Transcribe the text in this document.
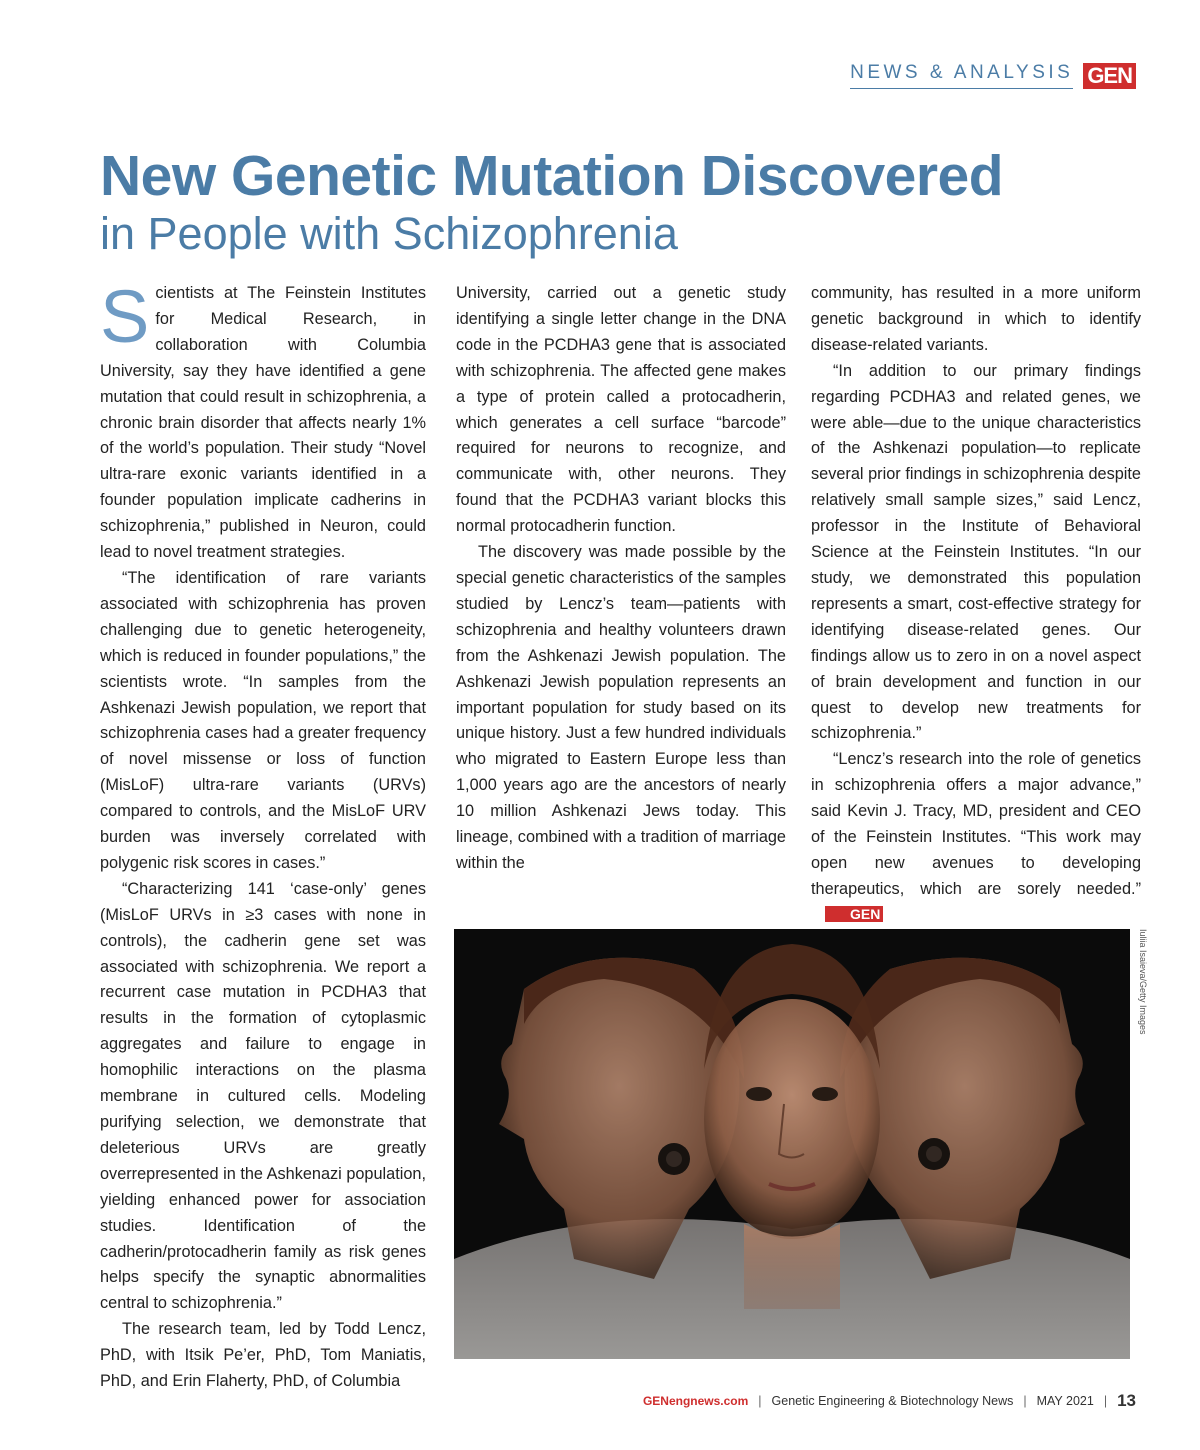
NEWS & ANALYSIS GEN
New Genetic Mutation Discovered
in People with Schizophrenia

Scientists at The Feinstein Institutes for Medical Research, in collaboration with Columbia University, say they have identified a gene mutation that could result in schizophrenia, a chronic brain disorder that affects nearly 1% of the world’s population. Their study “Novel ultra-rare exonic variants identified in a founder population implicate cadherins in schizophrenia,” published in Neuron, could lead to novel treatment strategies.

“The identification of rare variants associated with schizophrenia has proven challenging due to genetic heterogeneity, which is reduced in founder populations,” the scientists wrote. “In samples from the Ashkenazi Jewish population, we report that schizophrenia cases had a greater frequency of novel missense or loss of function (MisLoF) ultra-rare variants (URVs) compared to controls, and the MisLoF URV burden was inversely correlated with polygenic risk scores in cases.”

“Characterizing 141 ‘case-only’ genes (MisLoF URVs in ≥3 cases with none in controls), the cadherin gene set was associated with schizophrenia. We report a recurrent case mutation in PCDHA3 that results in the formation of cytoplasmic aggregates and failure to engage in homophilic interactions on the plasma membrane in cultured cells. Modeling purifying selection, we demonstrate that deleterious URVs are greatly overrepresented in the Ashkenazi population, yielding enhanced power for association studies. Identification of the cadherin/protocadherin family as risk genes helps specify the synaptic abnormalities central to schizophrenia.”

The research team, led by Todd Lencz, PhD, with Itsik Pe’er, PhD, Tom Maniatis, PhD, and Erin Flaherty, PhD, of Columbia

University, carried out a genetic study identifying a single letter change in the DNA code in the PCDHA3 gene that is associated with schizophrenia. The affected gene makes a type of protein called a protocadherin, which generates a cell surface “barcode” required for neurons to recognize, and communicate with, other neurons. They found that the PCDHA3 variant blocks this normal protocadherin function.

The discovery was made possible by the special genetic characteristics of the samples studied by Lencz’s team—patients with schizophrenia and healthy volunteers drawn from the Ashkenazi Jewish population. The Ashkenazi Jewish population represents an important population for study based on its unique history. Just a few hundred individuals who migrated to Eastern Europe less than 1,000 years ago are the ancestors of nearly 10 million Ashkenazi Jews today. This lineage, combined with a tradition of marriage within the

community, has resulted in a more uniform genetic background in which to identify disease-related variants.

“In addition to our primary findings regarding PCDHA3 and related genes, we were able—due to the unique characteristics of the Ashkenazi population—to replicate several prior findings in schizophrenia despite relatively small sample sizes,” said Lencz, professor in the Institute of Behavioral Science at the Feinstein Institutes. “In our study, we demonstrated this population represents a smart, cost-effective strategy for identifying disease-related genes. Our findings allow us to zero in on a novel aspect of brain development and function in our quest to develop new treatments for schizophrenia.”

“Lencz’s research into the role of genetics in schizophrenia offers a major advance,” said Kevin J. Tracy, MD, president and CEO of the Feinstein Institutes. “This work may open new avenues to developing therapeutics, which are sorely needed.”GEN

Iuliia Isaieva/Getty Images
GENengnews.com | Genetic Engineering & Biotechnology News | MAY 2021 | 13
